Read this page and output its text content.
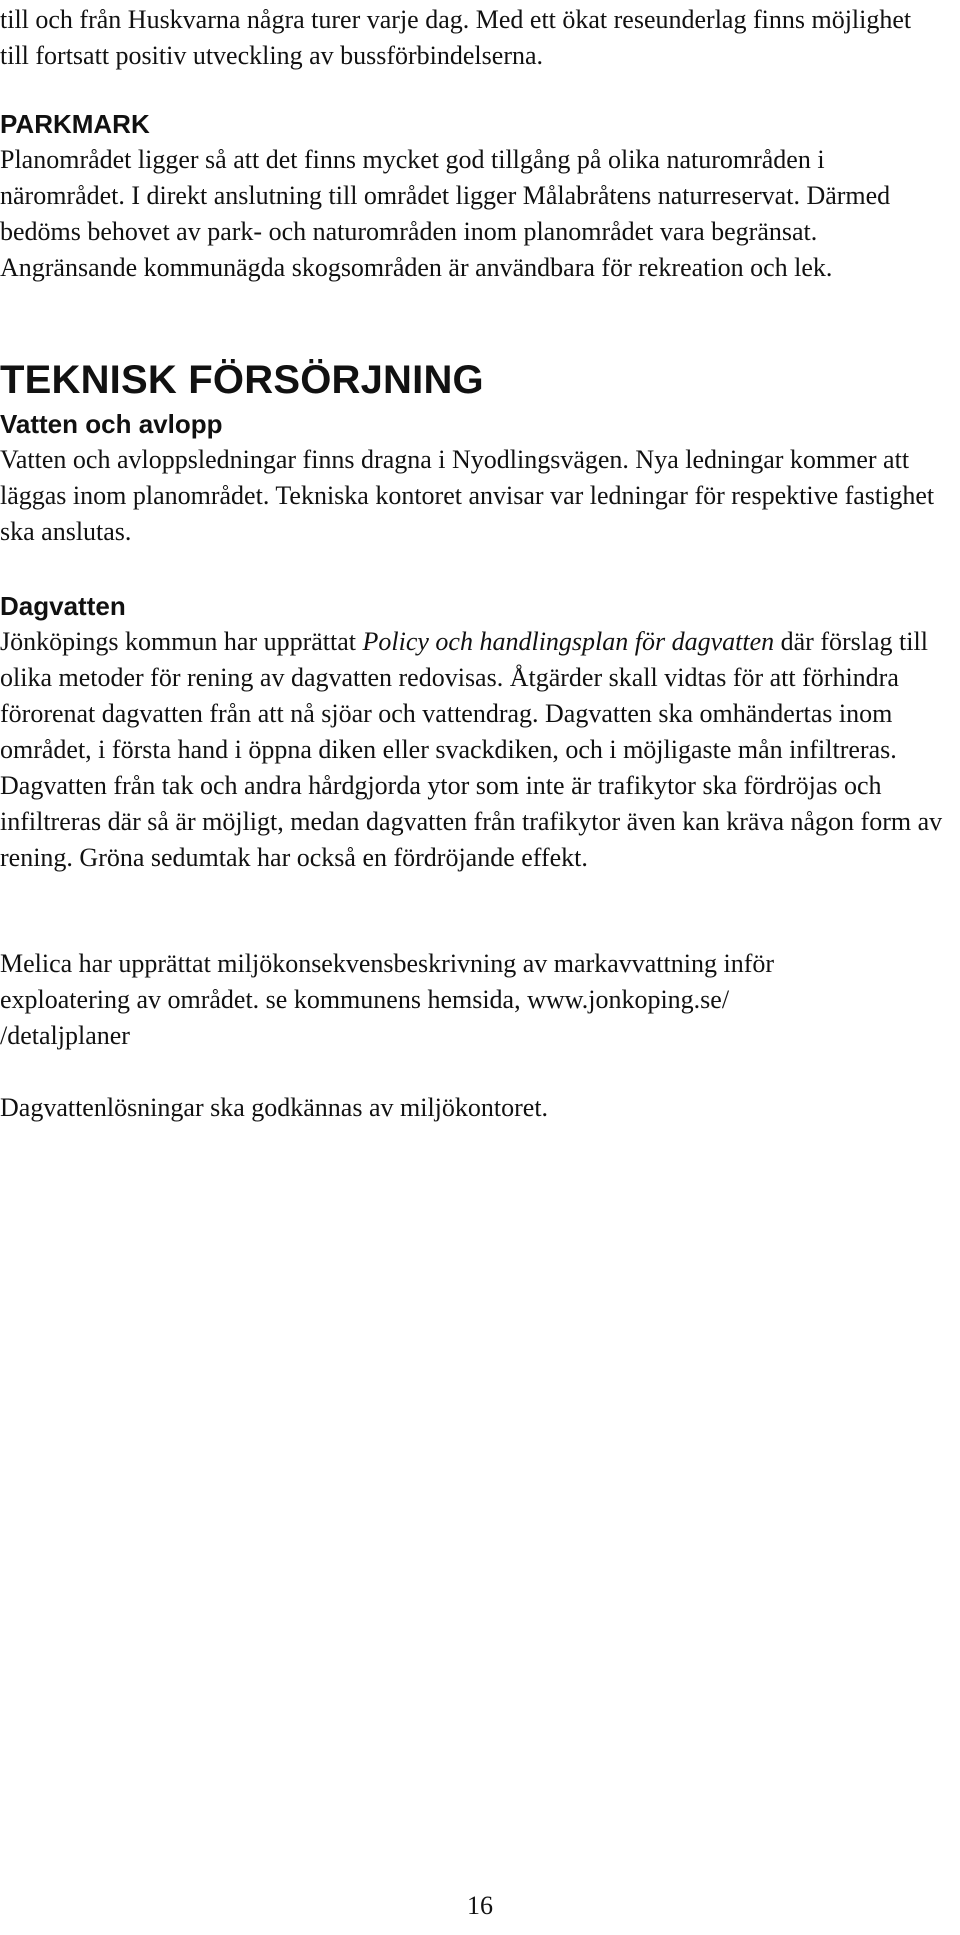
till och från Huskvarna några turer varje dag. Med ett ökat reseunderlag finns möjlighet till fortsatt positiv utveckling av bussförbindelserna.

PARKMARK

Planområdet ligger så att det finns mycket god tillgång på olika naturområden i närområdet. I direkt anslutning till området ligger Målabråtens naturreservat. Därmed bedöms behovet av park- och naturområden inom planområdet vara begränsat. Angränsande kommunägda skogsområden är användbara för rekreation och lek.

TEKNISK FÖRSÖRJNING
Vatten och avlopp

Vatten och avloppsledningar finns dragna i Nyodlingsvägen. Nya ledningar kommer att läggas inom planområdet. Tekniska kontoret anvisar var ledningar för respektive fastighet ska anslutas.

Dagvatten

Jönköpings kommun har upprättat Policy och handlingsplan för dagvatten där förslag till olika metoder för rening av dagvatten redovisas. Åtgärder skall vidtas för att förhindra förorenat dagvatten från att nå sjöar och vattendrag. Dagvatten ska omhändertas inom området, i första hand i öppna diken eller svackdiken, och i möjligaste mån infiltreras. Dagvatten från tak och andra hårdgjorda ytor som inte är trafikytor ska fördröjas och infiltreras där så är möjligt, medan dagvatten från trafikytor även kan kräva någon form av rening. Gröna sedumtak har också en fördröjande effekt.

Melica har upprättat miljökonsekvensbeskrivning av markavvattning inför

exploatering av området. se kommunens hemsida, www.jonkoping.se/

/detaljplaner

Dagvattenlösningar ska godkännas av miljökontoret.

16
